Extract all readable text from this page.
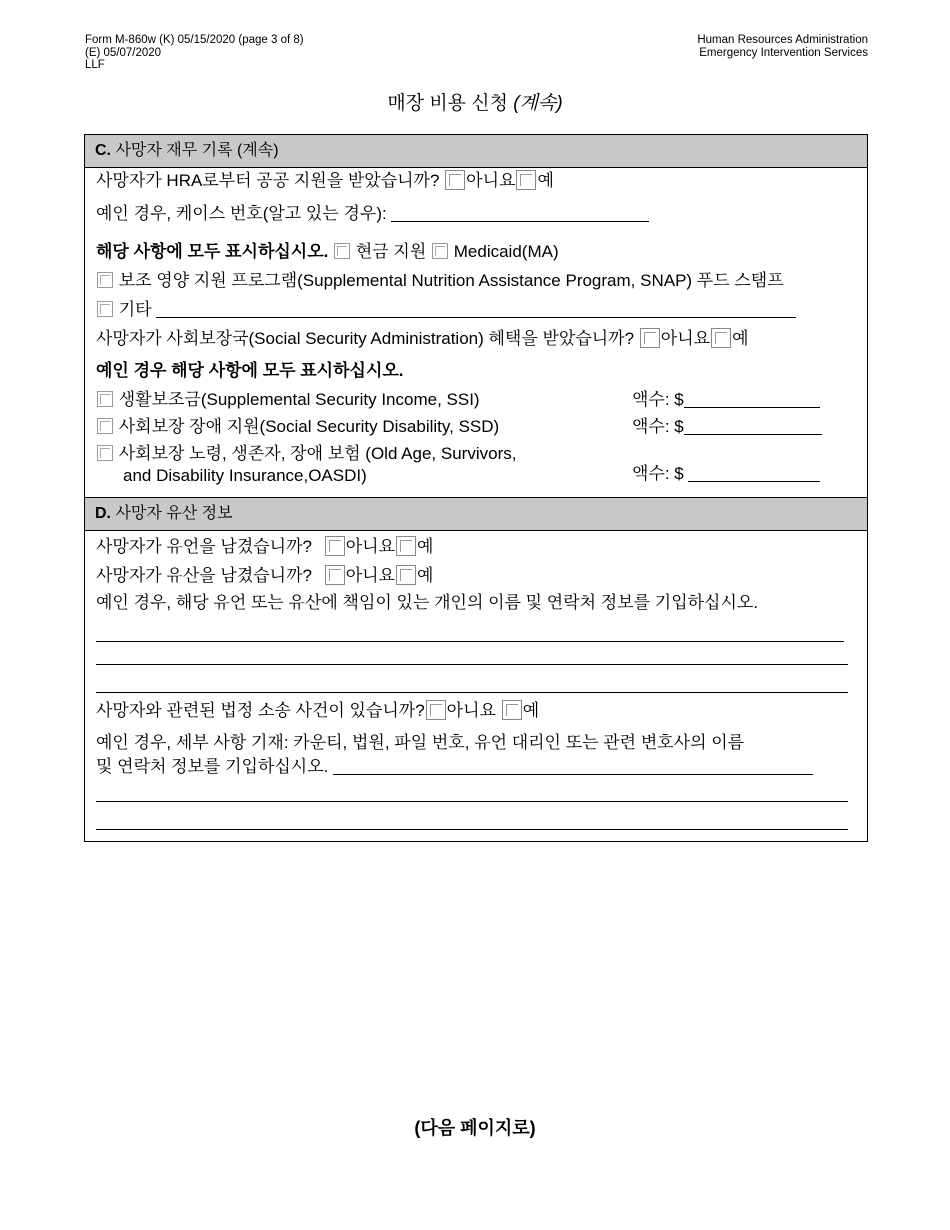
Form M-860w (K) 05/15/2020 (page 3 of 8)
(E) 05/07/2020
LLF
Human Resources Administration
Emergency Intervention Services
매장 비용 신청 (계속)
C. 사망자 재무 기록 (계속)
사망자가 HRA로부터 공공 지원을 받았습니까? 아니요 예
예인 경우, 케이스 번호(알고 있는 경우):
해당 사항에 모두 표시하십시오. 현금 지원 Medicaid(MA)
보조 영양 지원 프로그램(Supplemental Nutrition Assistance Program, SNAP) 푸드 스탬프
기타
사망자가 사회보장국(Social Security Administration) 혜택을 받았습니까? 아니요 예
예인 경우 해당 사항에 모두 표시하십시오.
생활보조금(Supplemental Security Income, SSI)	액수: $
사회보장 장애 지원(Social Security Disability, SSD)	액수: $
사회보장 노령, 생존자, 장애 보험 (Old Age, Survivors,
and Disability Insurance,OASDI)	액수: $
D. 사망자 유산 정보
사망자가 유언을 남겼습니까? 아니요 예
사망자가 유산을 남겼습니까? 아니요 예
예인 경우, 해당 유언 또는 유산에 책임이 있는 개인의 이름 및 연락처 정보를 기입하십시오.
사망자와 관련된 법정 소송 사건이 있습니까? 아니요 예
예인 경우, 세부 사항 기재: 카운티, 법원, 파일 번호, 유언 대리인 또는 관련 변호사의 이름
및 연락처 정보를 기입하십시오.
(다음 페이지로)
